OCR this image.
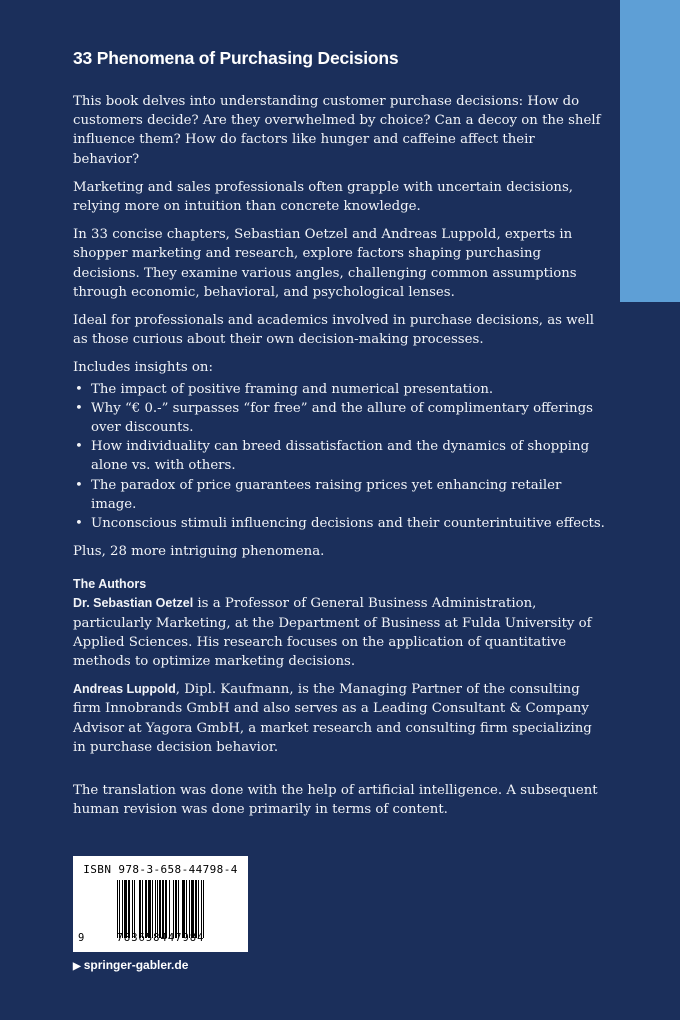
33 Phenomena of Purchasing Decisions

This book delves into understanding customer purchase decisions: How do customers decide? Are they overwhelmed by choice? Can a decoy on the shelf influence them? How do factors like hunger and caffeine affect their behavior?

Marketing and sales professionals often grapple with uncertain decisions, relying more on intuition than concrete knowledge.

In 33 concise chapters, Sebastian Oetzel and Andreas Luppold, experts in shopper marketing and research, explore factors shaping purchasing decisions. They examine various angles, challenging common assumptions through economic, behavioral, and psychological lenses.

Ideal for professionals and academics involved in purchase decisions, as well as those curious about their own decision-making processes.

Includes insights on:

• The impact of positive framing and numerical presentation.
• Why “€ 0.-” surpasses “for free” and the allure of complimentary offerings over discounts.
• How individuality can breed dissatisfaction and the dynamics of shopping alone vs. with others.
• The paradox of price guarantees raising prices yet enhancing retailer image.
• Unconscious stimuli influencing decisions and their counterintuitive effects.

Plus, 28 more intriguing phenomena.

The Authors

Dr. Sebastian Oetzel is a Professor of General Business Administration, particularly Marketing, at the Department of Business at Fulda University of Applied Sciences. His research focuses on the application of quantitative methods to optimize marketing decisions.

Andreas Luppold, Dipl. Kaufmann, is the Managing Partner of the consulting firm Innobrands GmbH and also serves as a Leading Consultant & Company Advisor at Yagora GmbH, a market research and consulting firm specializing in purchase decision behavior.

The translation was done with the help of artificial intelligence. A subsequent human revision was done primarily in terms of content.

ISBN 978-3-658-44798-4
9	783658447984
▶ springer-gabler.de
